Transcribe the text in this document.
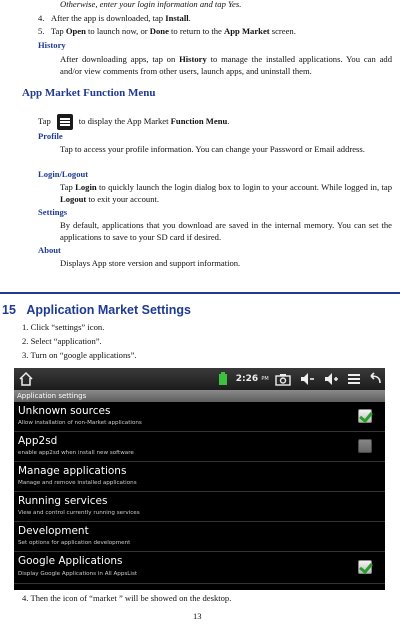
Otherwise, enter your login information and tap Yes.
4. After the app is downloaded, tap Install.
5. Tap Open to launch now, or Done to return to the App Market screen.
History
After downloading apps, tap on History to manage the installed applications. You can add and/or view comments from other users, launch apps, and uninstall them.
App Market Function Menu
Tap	to display the App Market Function Menu.
Profile
Tap to access your profile information. You can change your Password or Email address.
Login/Logout
Tap Login to quickly launch the login dialog box to login to your account. While logged in, tap Logout to exit your account.
Settings
By default, applications that you download are saved in the internal memory. You can set the applications to save to your SD card if desired.
About
Displays App store version and support information.
15 Application Market Settings
1. Click “settings” icon.
2. Select “application”.
3. Turn on “google applications”.
2:26 PM
Application settings
Unknown sources
Allow installation of non-Market applications
App2sd
enable app2sd when install new software
Manage applications
Manage and remove installed applications
Running services
View and control currently running services
Development
Set options for application development
Google Applications
Display Google Applications in All AppsList
4. Then the icon of “market ” will be showed on the desktop.
13
